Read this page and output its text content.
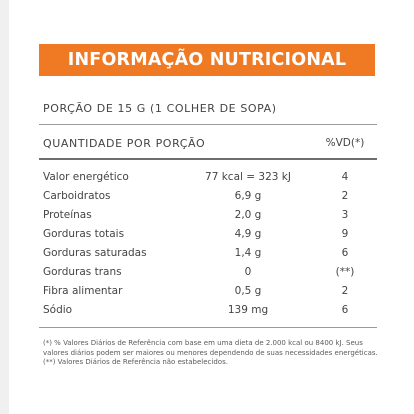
INFORMAÇÃO NUTRICIONAL
PORÇÃO DE 15 G (1 COLHER DE SOPA)
QUANTIDADE POR PORÇÃO	%VD(*)
Valor energético	77 kcal = 323 kJ	4
Carboidratos	6,9 g	2
Proteínas	2,0 g	3
Gorduras totais	4,9 g	9
Gorduras saturadas	1,4 g	6
Gorduras trans	0	(**)
Fibra alimentar	0,5 g	2
Sódio	139 mg	6

(*) % Valores Diários de Referência com base em uma dieta de 2.000 kcal ou 8400 kJ. Seus valores diários podem ser maiores ou menores dependendo de suas necessidades energéticas.

(**) Valores Diários de Referência não estabelecidos.
